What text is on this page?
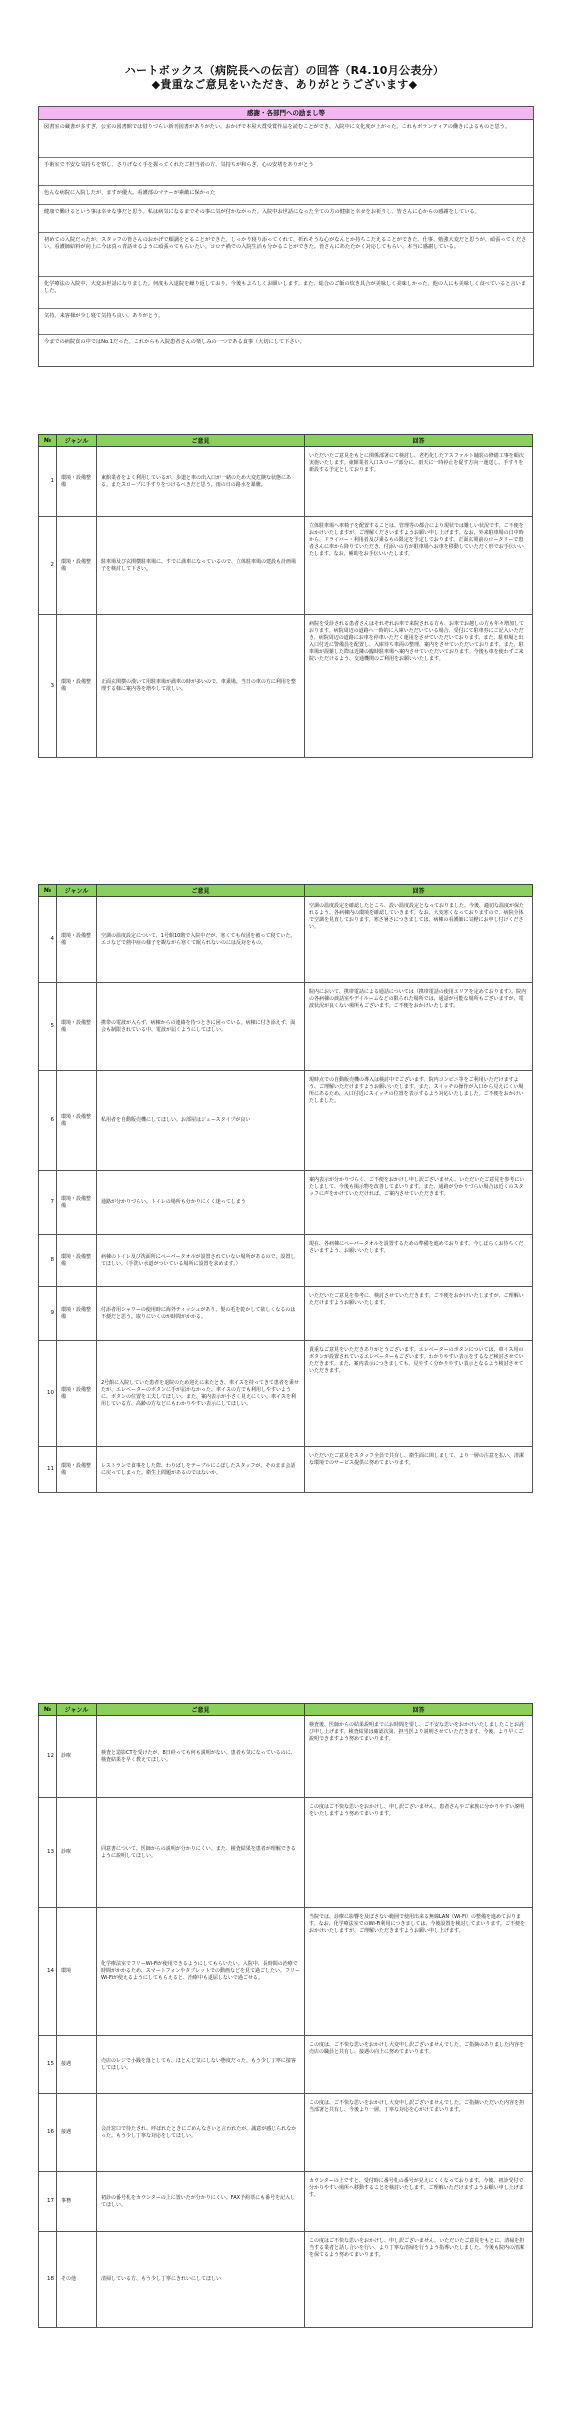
ハートボックス（病院長への伝言）の回答（R4.10月公表分）
◆貴重なご意見をいただき、ありがとうございます◆
感謝・各部門への励まし等
図書室の蔵書が多すぎ、公室の図書館では借りづらい新刊図書がありがたい。おかげで本屋大賞受賞作品を読むことができ、入院中に文化度が上がった。これもボランティアの働きによるものと思う。
手術室で不安な気持ちを察し、さりげなく手を握ってくれたご担当者の方、気持ちが和らぎ、心の安堵をありがとう
色んな病院に入院したが、ますが優大。看護部のマナーが素敵に保かった
健康で働けるという事は幸せな事だと思う。私は病気になるまでその事に気が付かなかった。入院中お世話になった全ての方の健康と幸せをお祈りし、皆さんに心からの感謝をしている。
初めての入院だったが、スタッフの皆さんのおかげで順調をとることができた。しっかり寝り添ってくれて、折れそうな心がなんとか持ちこたえることができた。仕事、勉強大変だと思うが、頑張ってください。看護師給料が向上に今は真っ青話せるように頑張ってもらいたい。コロナ禍での入院生活も分かることができた。皆さんにあたたかく対応してもらい、本当に感謝している。
化学療法の入院中、大変お世話になりました。何度も入退院を繰り返しており、今後もよろしくお願いします。また、総合のご飯の炊き具合が美味しく美味しかった。他の人にも美味しく食べていると言いました。
気持、来客様が少し寝て気持ち良い。ありがとう。
今までの病院食の中ではNo.1だった。これからも入院患者さんの楽しみの一つである食事（大切にして下さい。
№	ジャンル	ご意見	回答
1	環境・設備整備	東館業者をよく利用しているが、歩道と車の出入口が一緒のため大変危険な状態にある。またスロープに手すりをつけるべきだと思う。雨の日の路水を暴騰。	いただいたご意見をもとに関係部署にて検討し、老朽化したアスファルト舗装の修繕工事を順次実施いたします。東館業者入口スロープ部分に、雨天に一時停止を促す方向一運送し、手すりを新設する予定としております。
2	環境・設備整備	駐車場及び玄関横駐車場に、すでに満車になっているので、立体駐車場の建設も計画場子を検討して下さい。	立体駐車場へ車椅子を配置することは、管理等の都合により現状では難しい状況です。ご不便をおかけいたしますが、ご理解くださいますようお願い申し上げます。なお、外来駐車場の日中時から、ドライバー・利用者及び乗るもの限定を予定しております。正面玄関前のロータリーで患者さんに車から降りていただき、付添いの方が駐車場へお車を移動していただく形でお手伝いいたします。なお、補助をお手伝いいたします。
3	環境・設備整備	正面玄関横の漢いて用駐車場が満車の時が多いので、車乗場、当日の車の方に利用を整理する様に案内等を増やして欲しい。	病院を受診される患者さんはそれぞれお車で来院される方も、お車でお越しの方も年々増加しております。病院周辺の道路へ一時的に入庫いただいている場合、受付にて駐車券にご記入いただき、病院周辺の道路にお車を停車いただく運用をさせていただいております。また、駐車場と出入口付近に警備員を配置し、入庫待ち車両の整理、案内をさせていただいております。また、駐車場が混雑した際は近隣の臨時駐車場へ案内させていただいております。今後も車を使わずご来院いただけるよう、交通機関のご利用をお願いいたします。
№	ジャンル	ご意見	回答
4	環境・設備整備	空調の温度設定について、1号館10階で入院中だが、寒くても布団を被って寝ていた。エコなどで熱中症の様子を観ながら寒くて眠られないのには反対をもの。	空調の温度設定を確認したところ、設い温度設定となっておりました。今後、適切な温度が保たれるよう、各病棟内の環境を確認していきます。なお、大変寒くなっておりますので、病院全体で空調を見直しております。寒さ暑さにつきましては、病棟の看護師に気軽にお申し付けください。
5	環境・設備整備	携帯の電波が入らず、病棟からの連絡を待つときに困っている。病棟に付き添えず、面会も制限されている中、電波が届くようにしてほしい。	院内において、携帯電話による通話については（携帯電話の使用エリアを定めております）。院内の各病棟の談話室やデイルームなどの限られた場所では、通話が可能な場所もございますが、電波状況が良くない場所もございます。ご不便をおかけいたします。
6	環境・設備整備	私用者を自動販売機にしてほしい。お部屋はジュースタイプが良い	現時点での自動販売機の導入は検討中でございます。院内コンビニ等をご利用いただけますよう、ご理解いただけますようお願いいたします。また、スイッチの操作が入口から見えにくい場所にあるため、入口付近にスイッチの位置を表示するよう対応いたしました。ご不便をおかけいたしました。
7	環境・設備整備	通路が分かりづらい。トイレの場所も分かりにくく迷ってしまう	案内表示が分かりづらく、ご不便をおかけし申し訳ございません。いただいたご意見を参考にいたしまして、今後も掲示物を改善してまいります。また、通路が分かりづらい場合は近くのスタッフに声をかけていただければ、ご案内させていただきます。
8	環境・設備整備	病棟のトイレ及び洗面所にペーパータオルが設置されていない場所があるので、設置してほしい。（手洗い水道がついている場所に設置を求めます。）	現在、各病棟にペーパータオルを設置するための準備を進めております。今しばらくお待ちくださいますよう、お願いいたします。
9	環境・設備整備	付添者用シャワーの使用時に海外ティッシュがあり、髪の毛を乾かして欲しくなるのは不便だと思う。取りにいくのが時間がかかる。	いただいたご意見を参考に、検討させていただきます。ご不便をおかけいたしますが、ご理解いただけますようお願いいたします。
10	環境・設備整備	2号館に入院していた患者を退院のため迎えに来たとき、車イスを持ってきて患者を乗せたが、エレベーターのボタンに手が届かなかった。車イスの方でも利用しやすいように、ボタンの位置を工夫してほしい。また、案内表示が小さく見えにくい。車イスを利用している方、高齢の方などにもわかりやすい表示にしてほしい。	貴重なご意見をいただきありがとうございます。エレベーターのボタンについては、車イス用のボタンが設置されているエレベーターもございます。わかりやすい表示をするなど検討させていただきます。また、案内表示につきましても、見やすく分かりやすい表示となるよう検討させていただきます。
11	環境・設備整備	レストランで食事をした際、わりばしをテーブルにこぼしたスタッフが、そのまま会話に戻ってしまった。衛生上問題があるのではないか。	いただいたご意見をスタッフ全員で共有し、衛生面に関しまして、より一層の注意を払い、清潔な環境でのサービス提供に努めてまいります。
№	ジャンル	ご意見	回答
12	診療	検査と造影CTを受けたが、8日経っても何も説明がない。患者も気になっているのに、検査結果を早く教えてほしい。	検査後、医師からの結果説明までにお時間を要し、ご不安な思いをおかけいたしましたことお詫び申し上げます。検査結果は確認次第、担当医より説明させていただきます。今後、より早くご説明できますよう努めてまいります。
13	診療	同意書について、医師からの説明が分かりにくい。また、検査結果を患者が理解できるように説明してほしい。	この度はご不快な思いをおかけし、申し訳ございません。患者さんやご家族に分かりやすい説明をいたしますよう努めてまいります。
14	環境	化学療法室でフリーWi-Fiが使用できるようにしてもらいたい。入院中、長時間の治療で時間がかかるため、スマートフォンやタブレットでの動画などを見て過ごしたい。フリーWi-Fiが使えるようにしてもらえると、治療中も退屈しないで過ごせる。	当院では、診療に影響を及ぼさない範囲で使用出来る無線LAN（Wi-Fi）の整備を進めております。なお、化学療法室でのWi-Fi利用につきましては、今後設置を検討してまいります。ご不便をおかけいたしますが、ご理解いただきますようお願い申し上げます。
15	接遇	売店のレジで小銭を落としても、ほとんど気にしない態度だった。もう少し丁寧に接客してほしい。	この度は、ご不快な思いをおかけし大変申し訳ございませんでした。ご指摘のありました内容を売店の職員と共有し、接遇の向上に努めてまいります。
16	接遇	会計窓口で待たされ、呼ばれたときにごめんなさいと言われたが、誠意が感じられなかった。もう少し丁寧な対応をしてほしい。	この度は、ご不快な思いをおかけし大変申し訳ございませんでした。ご指摘いただいた内容を担当部署と共有し、今後より一層、丁寧な対応を心がけてまいります。
17	事務	初診の番号札をカウンターの上に置いたが分かりにくい。FAX予約票にも番号を記入してほしい。	カウンターの上ですと、受付時に番号札の番号が見えにくくなっております。今後、初診受付で分かりやすい場所へ移動することを検討いたします。ご理解いただけますようお願い申し上げます。
18	その他	清掃している方、もう少し丁寧にきれいにしてほしい	この度はご不快な思いをおかけし、申し訳ございません。いただいたご意見をもとに、清掃を担当する業者と話し合いを行い、より丁寧な清掃を行うよう指導いたしました。今後も院内の清潔を保てるよう努めてまいります。
